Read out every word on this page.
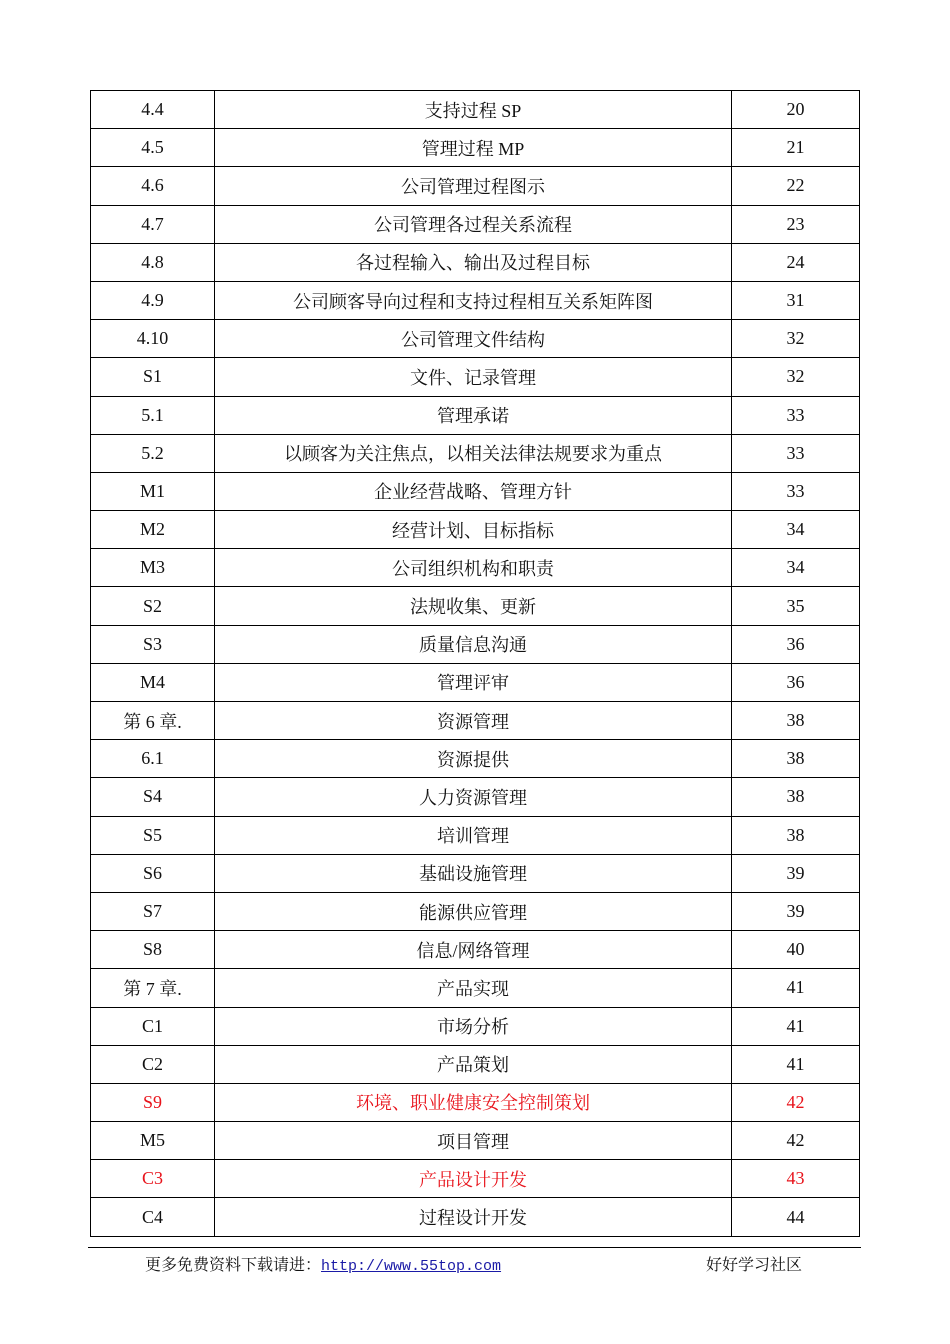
4.4	支持过程 SP	20
4.5	管理过程 MP	21
4.6	公司管理过程图示	22
4.7	公司管理各过程关系流程	23
4.8	各过程输入、输出及过程目标	24
4.9	公司顾客导向过程和支持过程相互关系矩阵图	31
4.10	公司管理文件结构	32
S1	文件、记录管理	32
5.1	管理承诺	33
5.2	以顾客为关注焦点，以相关法律法规要求为重点	33
M1	企业经营战略、管理方针	33
M2	经营计划、目标指标	34
M3	公司组织机构和职责	34
S2	法规收集、更新	35
S3	质量信息沟通	36
M4	管理评审	36
第 6 章.	资源管理	38
6.1	资源提供	38
S4	人力资源管理	38
S5	培训管理	38
S6	基础设施管理	39
S7	能源供应管理	39
S8	信息/网络管理	40
第 7 章.	产品实现	41
C1	市场分析	41
C2	产品策划	41
S9	环境、职业健康安全控制策划	42
M5	项目管理	42
C3	产品设计开发	43
C4	过程设计开发	44
更多免费资料下载请进：http://www.55top.com	好好学习社区
